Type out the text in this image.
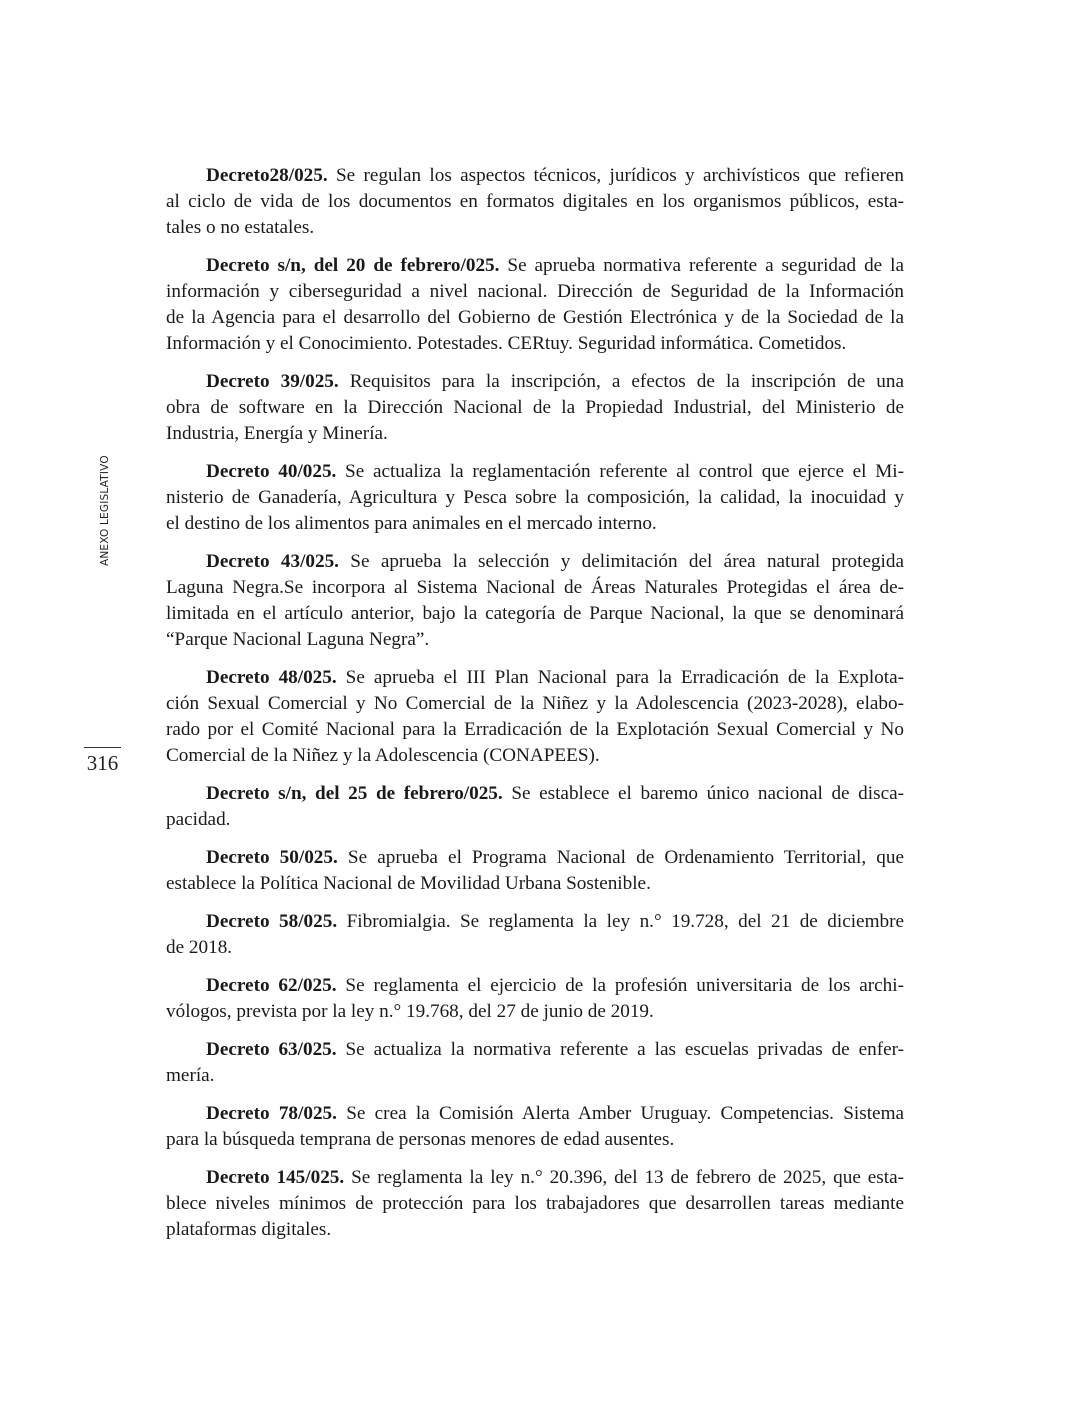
ANEXO LEGISLATIVO
316
Decreto28/025. Se regulan los aspectos técnicos, jurídicos y archivísticos que refieren
al ciclo de vida de los documentos en formatos digitales en los organismos públicos, esta-
tales o no estatales.
Decreto s/n, del 20 de febrero/025. Se aprueba normativa referente a seguridad de la
información y ciberseguridad a nivel nacional. Dirección de Seguridad de la Información
de la Agencia para el desarrollo del Gobierno de Gestión Electrónica y de la Sociedad de la
Información y el Conocimiento. Potestades. CERtuy. Seguridad informática. Cometidos.
Decreto 39/025. Requisitos para la inscripción, a efectos de la inscripción de una
obra de software en la Dirección Nacional de la Propiedad Industrial, del Ministerio de
Industria, Energía y Minería.
Decreto 40/025. Se actualiza la reglamentación referente al control que ejerce el Mi-
nisterio de Ganadería, Agricultura y Pesca sobre la composición, la calidad, la inocuidad y
el destino de los alimentos para animales en el mercado interno.
Decreto 43/025. Se aprueba la selección y delimitación del área natural protegida
Laguna Negra.Se incorpora al Sistema Nacional de Áreas Naturales Protegidas el área de-
limitada en el artículo anterior, bajo la categoría de Parque Nacional, la que se denominará
“Parque Nacional Laguna Negra”.
Decreto 48/025. Se aprueba el III Plan Nacional para la Erradicación de la Explota-
ción Sexual Comercial y No Comercial de la Niñez y la Adolescencia (2023-2028), elabo-
rado por el Comité Nacional para la Erradicación de la Explotación Sexual Comercial y No
Comercial de la Niñez y la Adolescencia (CONAPEES).
Decreto s/n, del 25 de febrero/025. Se establece el baremo único nacional de disca-
pacidad.
Decreto 50/025. Se aprueba el Programa Nacional de Ordenamiento Territorial, que
establece la Política Nacional de Movilidad Urbana Sostenible.
Decreto 58/025. Fibromialgia. Se reglamenta la ley n.° 19.728, del 21 de diciembre
de 2018.
Decreto 62/025. Se reglamenta el ejercicio de la profesión universitaria de los archi-
vólogos, prevista por la ley n.° 19.768, del 27 de junio de 2019.
Decreto 63/025. Se actualiza la normativa referente a las escuelas privadas de enfer-
mería.
Decreto 78/025. Se crea la Comisión Alerta Amber Uruguay. Competencias. Sistema
para la búsqueda temprana de personas menores de edad ausentes.
Decreto 145/025. Se reglamenta la ley n.° 20.396, del 13 de febrero de 2025, que esta-
blece niveles mínimos de protección para los trabajadores que desarrollen tareas mediante
plataformas digitales.
